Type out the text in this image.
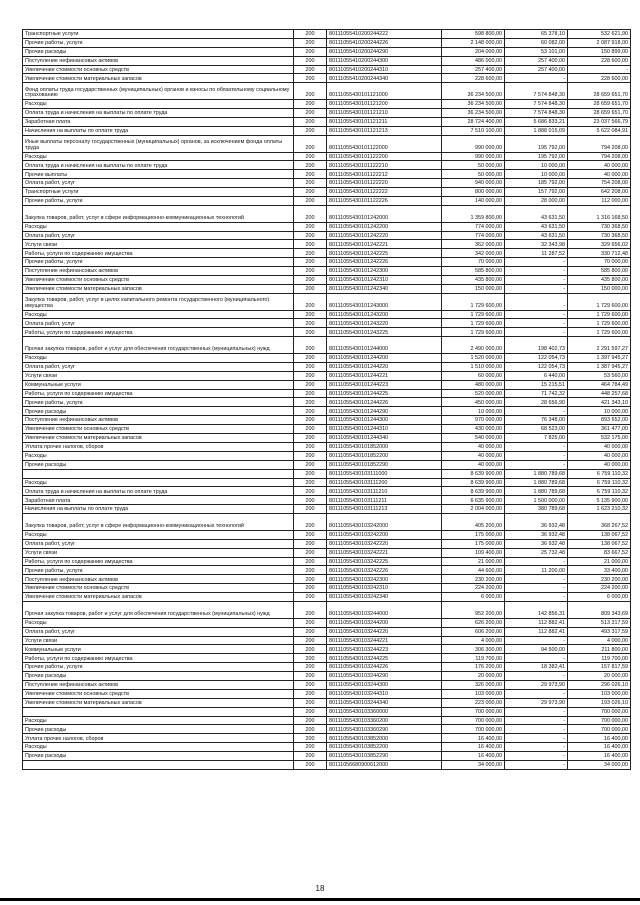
Транспортные услуги	200	80111055410200244222	598 800,00	65 378,10	532 621,90
Прочие работы, услуги	200	80111055410200244226	2 148 000,00	60 082,00	2 087 918,00
Прочие расходы	200	80111055410200244290	204 000,00	53 101,00	150 899,00
Поступление нефинансовых активов	200	80111055410200244300	486 000,00	257 400,00	228 600,00
Увеличение стоимости основных средств	200	80111055410200244310	257 400,00	257 400,00	-
Увеличение стоимости материальных запасов	200	80111055410200244340	228 600,00	-	228 600,00
Фонд оплаты труда государственных (муниципальных) органов и взносы по обязательному социальному страхованию	200	80111055430101121000	36 234 500,00	7 574 848,30	28 659 651,70
Расходы	200	80111055430101121200	36 234 500,00	7 574 848,30	28 659 651,70
Оплата труда и начисления на выплаты по оплате труда	200	80111055430101121210	36 234 500,00	7 574 848,30	28 659 651,70
Заработная плата	200	80111055430101121211	28 724 400,00	5 686 833,21	23 037 566,79
Начисления на выплаты по оплате труда	200	80111055430101121213	7 510 100,00	1 888 015,09	5 622 084,91
Иные выплаты персоналу государственных (муниципальных) органов, за исключением фонда оплаты труда	200	80111055430101122000	990 000,00	195 792,00	794 208,00
Расходы	200	80111055430101122200	990 000,00	195 792,00	794 208,00
Оплата труда и начисления на выплаты по оплате труда	200	80111055430101122210	50 000,00	10 000,00	40 000,00
Прочие выплаты	200	80111055430101122212	50 000,00	10 000,00	40 000,00
Оплата работ, услуг	200	80111055430101122220	940 000,00	185 792,00	754 208,00
Транспортные услуги	200	80111055430101122222	800 000,00	157 792,00	642 208,00
Прочие работы, услуги	200	80111055430101122226	140 000,00	28 000,00	112 000,00
Закупка товаров, работ, услуг в сфере информационно-коммуникационных технологий	200	80111055430101242000	1 359 800,00	43 631,50	1 316 168,50
Расходы	200	80111055430101242200	774 000,00	43 631,50	730 368,50
Оплата работ, услуг	200	80111055430101242220	774 000,00	43 631,50	730 368,50
Услуги связи	200	80111055430101242221	362 000,00	32 343,98	329 656,02
Работы, услуги по содержанию имущества	200	80111055430101242225	342 000,00	11 287,52	330 712,48
Прочие работы, услуги	200	80111055430101242226	70 000,00	-	70 000,00
Поступление нефинансовых активов	200	80111055430101242300	585 800,00	-	585 800,00
Увеличение стоимости основных средств	200	80111055430101242310	435 800,00	-	435 800,00
Увеличение стоимости материальных запасов	200	80111055430101242340	150 000,00	-	150 000,00
Закупка товаров, работ, услуг в целях капитального ремонта государственного (муниципального) имущества	200	80111055430101243000	1 729 600,00	-	1 729 600,00
Расходы	200	80111055430101243200	1 729 600,00	-	1 729 600,00
Оплата работ, услуг	200	80111055430101243220	1 729 600,00	-	1 729 600,00
Работы, услуги по содержанию имущества	200	80111055430101243225	1 729 600,00	-	1 729 600,00
Прочая закупка товаров, работ и услуг для обеспечения государственных (муниципальных) нужд	200	80111055430101244000	2 490 000,00	198 402,73	2 291 597,27
Расходы	200	80111055430101244200	1 520 000,00	122 054,73	1 397 945,27
Оплата работ, услуг	200	80111055430101244220	1 510 000,00	122 054,73	1 387 945,27
Услуги связи	200	80111055430101244221	60 000,00	6 440,00	53 560,00
Коммунальные услуги	200	80111055430101244223	480 000,00	15 215,51	464 784,49
Работы, услуги по содержанию имущества	200	80111055430101244225	520 000,00	71 742,32	448 257,68
Прочие работы, услуги	200	80111055430101244226	450 000,00	28 656,90	421 343,10
Прочие расходы	200	80111055430101244290	10 000,00	-	10 000,00
Поступление нефинансовых активов	200	80111055430101244300	970 000,00	76 348,00	893 652,00
Увеличение стоимости основных средств	200	80111055430101244310	430 000,00	68 523,00	361 477,00
Увеличение стоимости материальных запасов	200	80111055430101244340	540 000,00	7 825,00	532 175,00
Уплата прочих налогов, сборов	200	80111055430101852000	40 000,00	-	40 000,00
Расходы	200	80111055430101852200	40 000,00	-	40 000,00
Прочие расходы	200	80111055430101852290	40 000,00	-	40 000,00
	200	80111055430103111000	8 639 900,00	1 880 789,68	6 759 110,32
Расходы	200	80111055430103111200	8 639 900,00	1 880 789,68	6 759 110,32
Оплата труда и начисления на выплаты по оплате труда	200	80111055430103111210	8 639 900,00	1 880 789,68	6 759 110,32
Заработная плата	200	80111055430103111211	6 635 900,00	1 500 000,00	5 135 900,00
Начисления на выплаты по оплате труда	200	80111055430103111213	2 004 000,00	380 789,68	1 623 210,32
Закупка товаров, работ, услуг в сфере информационно-коммуникационных технологий	200	80111055430103242000	405 200,00	36 932,48	368 267,52
Расходы	200	80111055430103242200	175 000,00	36 932,48	138 067,52
Оплата работ, услуг	200	80111055430103242220	175 000,00	36 932,48	138 067,52
Услуги связи	200	80111055430103242221	109 400,00	25 732,48	83 667,52
Работы, услуги по содержанию имущества	200	80111055430103242225	21 000,00	-	21 000,00
Прочие работы, услуги	200	80111055430103242226	44 600,00	11 200,00	33 400,00
Поступление нефинансовых активов	200	80111055430103242300	230 200,00	-	230 200,00
Увеличение стоимости основных средств	200	80111055430103242310	224 200,00	-	224 200,00
Увеличение стоимости материальных запасов	200	80111055430103242340	6 000,00	-	6 000,00
Прочая закупка товаров, работ и услуг для обеспечения государственных (муниципальных) нужд	200	80111055430103244000	952 200,00	142 856,31	809 343,69
Расходы	200	80111055430103244200	626 200,00	112 882,41	513 317,59
Оплата работ, услуг	200	80111055430103244220	606 200,00	112 882,41	493 317,59
Услуги связи	200	80111055430103244221	4 000,00	-	4 000,00
Коммунальные услуги	200	80111055430103244223	306 300,00	94 500,00	211 800,00
Работы, услуги по содержанию имущества	200	80111055430103244225	119 700,00	-	119 700,00
Прочие работы, услуги	200	80111055430103244226	176 200,00	18 382,41	157 817,59
Прочие расходы	200	80111055430103244290	20 000,00	-	20 000,00
Поступление нефинансовых активов	200	80111055430103244300	326 000,00	29 973,90	296 026,10
Увеличение стоимости основных средств	200	80111055430103244310	103 000,00	-	103 000,00
Увеличение стоимости материальных запасов	200	80111055430103244340	223 000,00	29 973,90	193 026,10
	200	80111055430103360000	700 000,00	-	700 000,00
Расходы	200	80111055430103360200	700 000,00	-	700 000,00
Прочие расходы	200	80111055430103360290	700 000,00	-	700 000,00
Уплата прочих налогов, сборов	200	80111055430103852000	16 400,00	-	16 400,00
Расходы	200	80111055430103852200	16 400,00	-	16 400,00
Прочие расходы	200	80111055430103852290	16 400,00	-	16 400,00
	200	80111056680900612000	34 000,00	-	34 000,00
18
